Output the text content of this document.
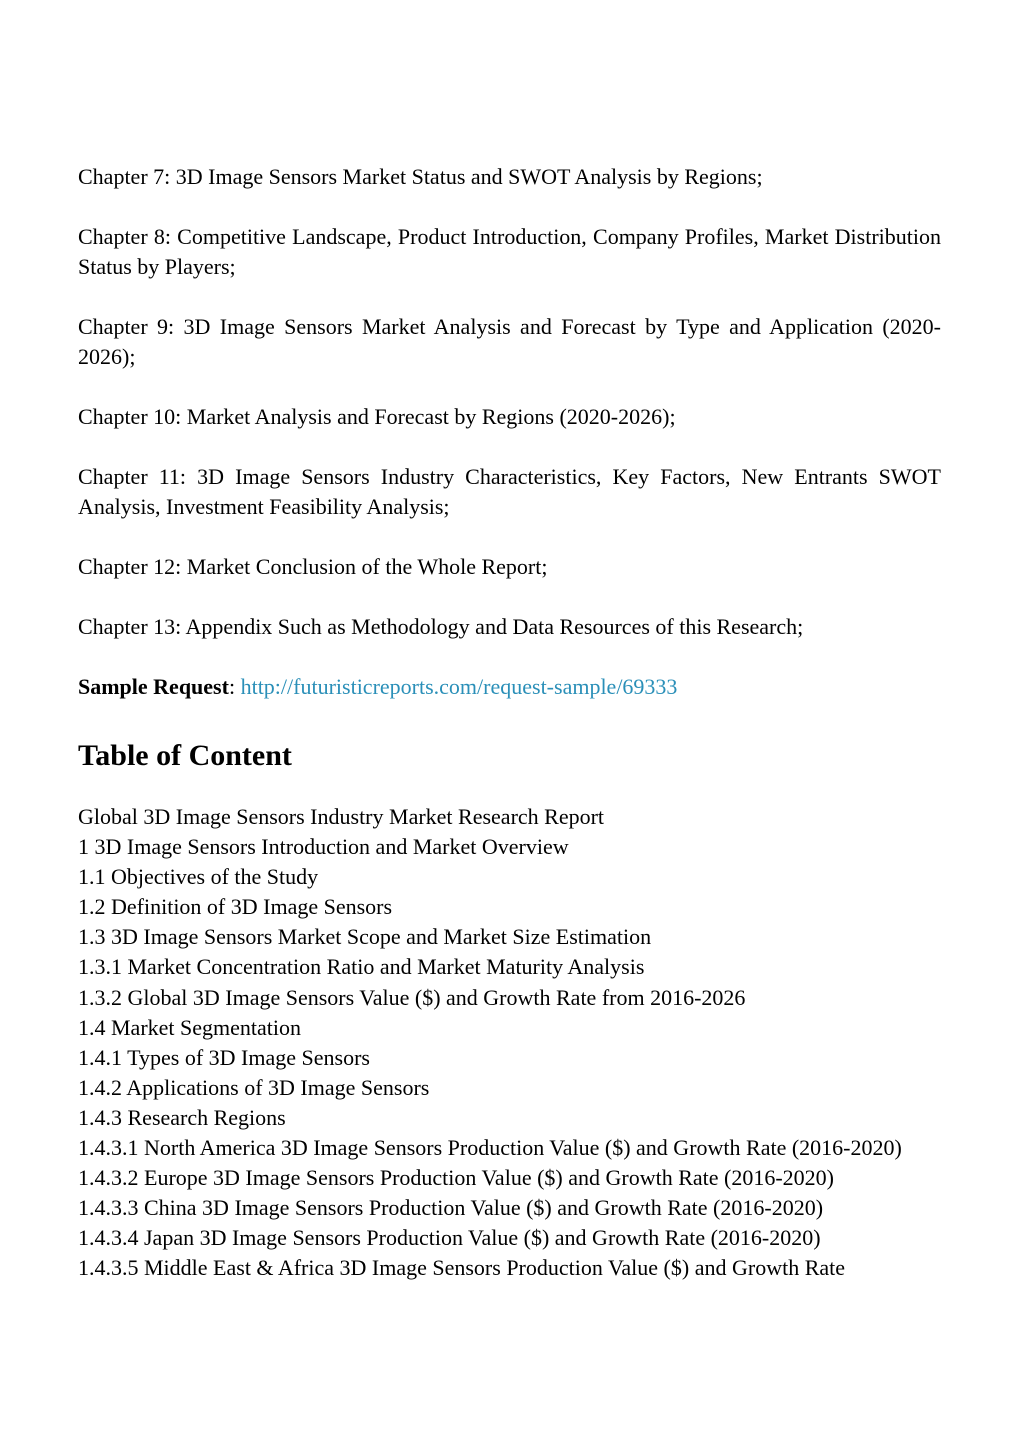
Chapter 7: 3D Image Sensors Market Status and SWOT Analysis by Regions;

Chapter 8: Competitive Landscape, Product Introduction, Company Profiles, Market Distribution Status by Players;

Chapter 9: 3D Image Sensors Market Analysis and Forecast by Type and Application (2020-2026);

Chapter 10: Market Analysis and Forecast by Regions (2020-2026);

Chapter 11: 3D Image Sensors Industry Characteristics, Key Factors, New Entrants SWOT Analysis, Investment Feasibility Analysis;

Chapter 12: Market Conclusion of the Whole Report;

Chapter 13: Appendix Such as Methodology and Data Resources of this Research;

Sample Request: http://futuristicreports.com/request-sample/69333

Table of Content
Global 3D Image Sensors Industry Market Research Report
1 3D Image Sensors Introduction and Market Overview
1.1 Objectives of the Study
1.2 Definition of 3D Image Sensors
1.3 3D Image Sensors Market Scope and Market Size Estimation
1.3.1 Market Concentration Ratio and Market Maturity Analysis
1.3.2 Global 3D Image Sensors Value ($) and Growth Rate from 2016-2026
1.4 Market Segmentation
1.4.1 Types of 3D Image Sensors
1.4.2 Applications of 3D Image Sensors
1.4.3 Research Regions
1.4.3.1 North America 3D Image Sensors Production Value ($) and Growth Rate (2016-2020)
1.4.3.2 Europe 3D Image Sensors Production Value ($) and Growth Rate (2016-2020)
1.4.3.3 China 3D Image Sensors Production Value ($) and Growth Rate (2016-2020)
1.4.3.4 Japan 3D Image Sensors Production Value ($) and Growth Rate (2016-2020)
1.4.3.5 Middle East & Africa 3D Image Sensors Production Value ($) and Growth Rate
